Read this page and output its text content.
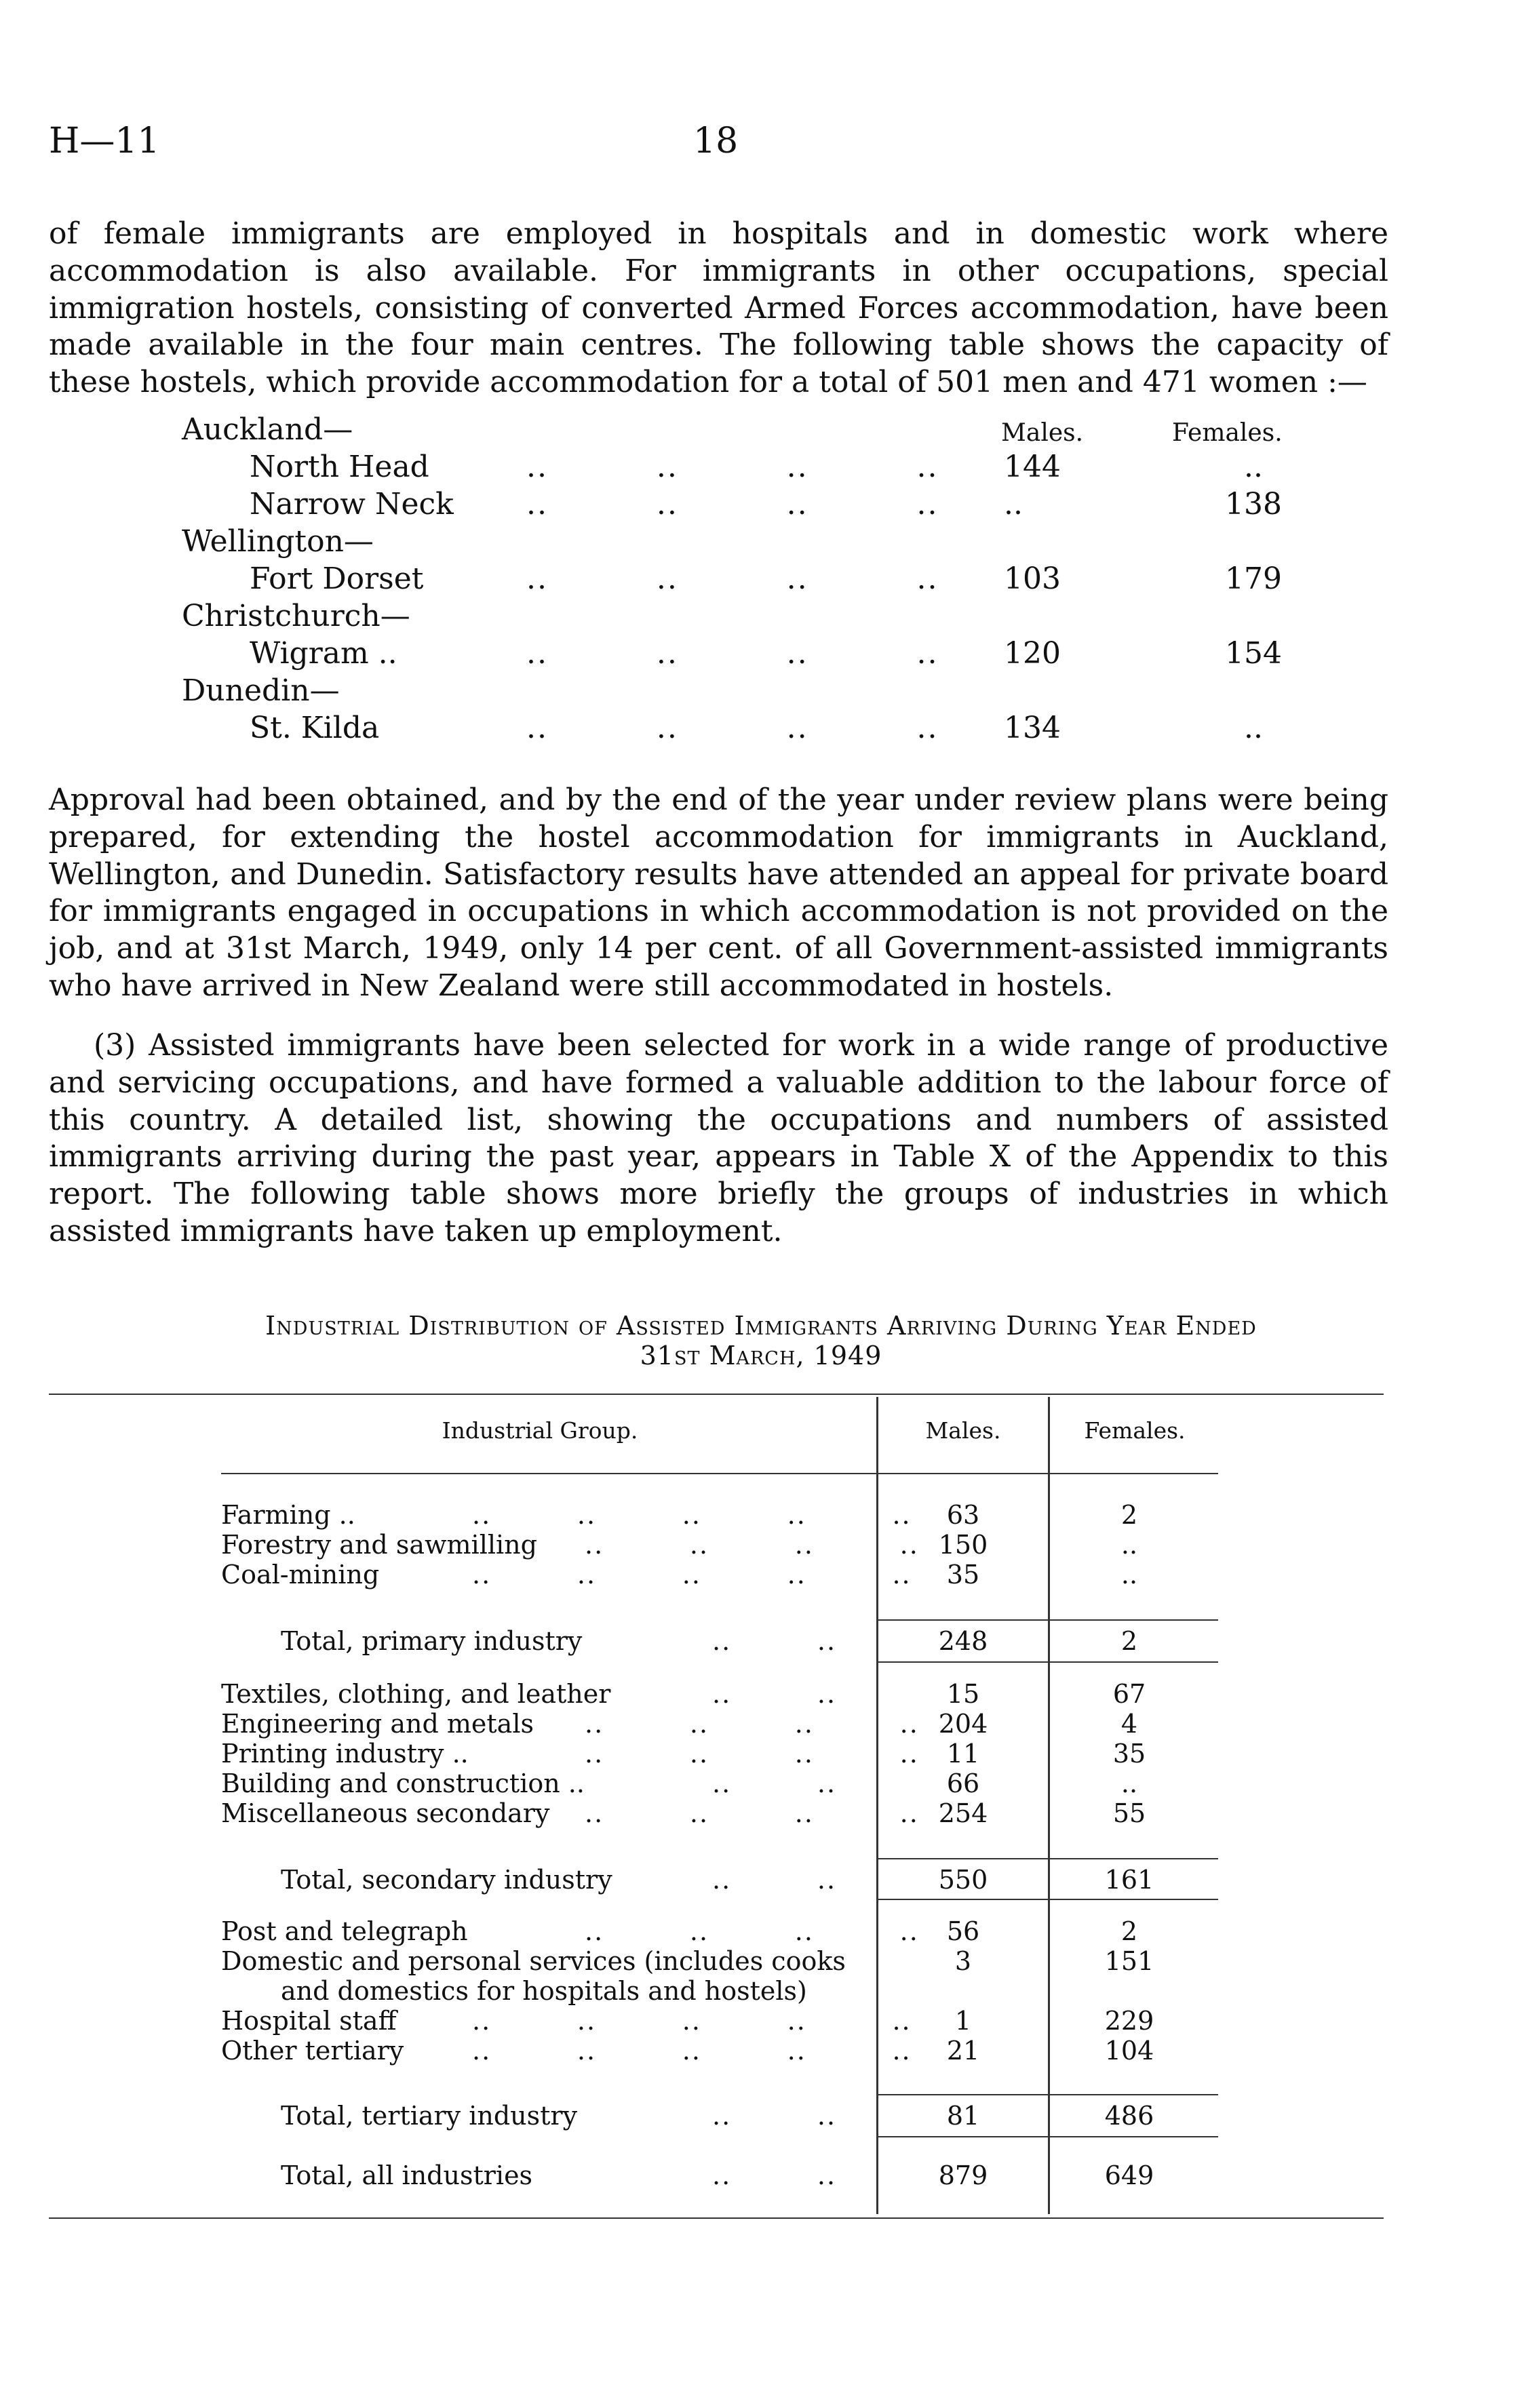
H—11	18

of female immigrants are employed in hospitals and in domestic work where accommodation is also available. For immigrants in other occupations, special immigration hostels, consisting of converted Armed Forces accommodation, have been made available in the four main centres. The following table shows the capacity of these hostels, which provide accommodation for a total of 501 men and 471 women :—

Auckland—	Males.	Females.
North Head	..          ..          ..          .. 144	..
Narrow Neck ..          ..          ..          .. ..	138
Wellington—
Fort Dorset	..          ..          ..          .. 103	179
Christchurch—
Wigram ..	..          ..          ..          .. 120	154
Dunedin—
St. Kilda	..          ..          ..          .. 134	..

Approval had been obtained, and by the end of the year under review plans were being prepared, for extending the hostel accommodation for immigrants in Auckland, Wellington, and Dunedin. Satisfactory results have attended an appeal for private board for immigrants engaged in occupations in which accommodation is not provided on the job, and at 31st March, 1949, only 14 per cent. of all Government-assisted immigrants who have arrived in New Zealand were still accommodated in hostels.

(3) Assisted immigrants have been selected for work in a wide range of productive and servicing occupations, and have formed a valuable addition to the labour force of this country. A detailed list, showing the occupations and numbers of assisted immigrants arriving during the past year, appears in Table X of the Appendix to this report. The following table shows more briefly the groups of industries in which assisted immigrants have taken up employment.

Industrial Distribution of Assisted Immigrants Arriving During Year Ended
31st March, 1949
Industrial Group.	Males.	Females.
Farming ..	..         ..         ..         ..         ..	63	2
Forestry and sawmilling ..         ..         ..         .. 150	..
Coal-mining	..         ..         ..         ..         ..	35	..
Total, primary industry	..         ..	248	2
Textiles, clothing, and leather	..         ..	15	67
Engineering and metals ..         ..         ..         .. 204	4
Printing industry ..	..         ..         ..         ..	11	35
Building and construction ..	..         ..	66	..
Miscellaneous secondary ..         ..         ..         .. 254	55
Total, secondary industry	..         ..	550	161
Post and telegraph	..         ..         ..         ..	56	2
Domestic and personal services (includes cooks	3	151
and domestics for hospitals and hostels)
Hospital staff	..         ..         ..         ..         ..	1	229
Other tertiary	..         ..         ..         ..         ..	21	104
Total, tertiary industry	..         ..	81	486
Total, all industries	..         ..	879	649
